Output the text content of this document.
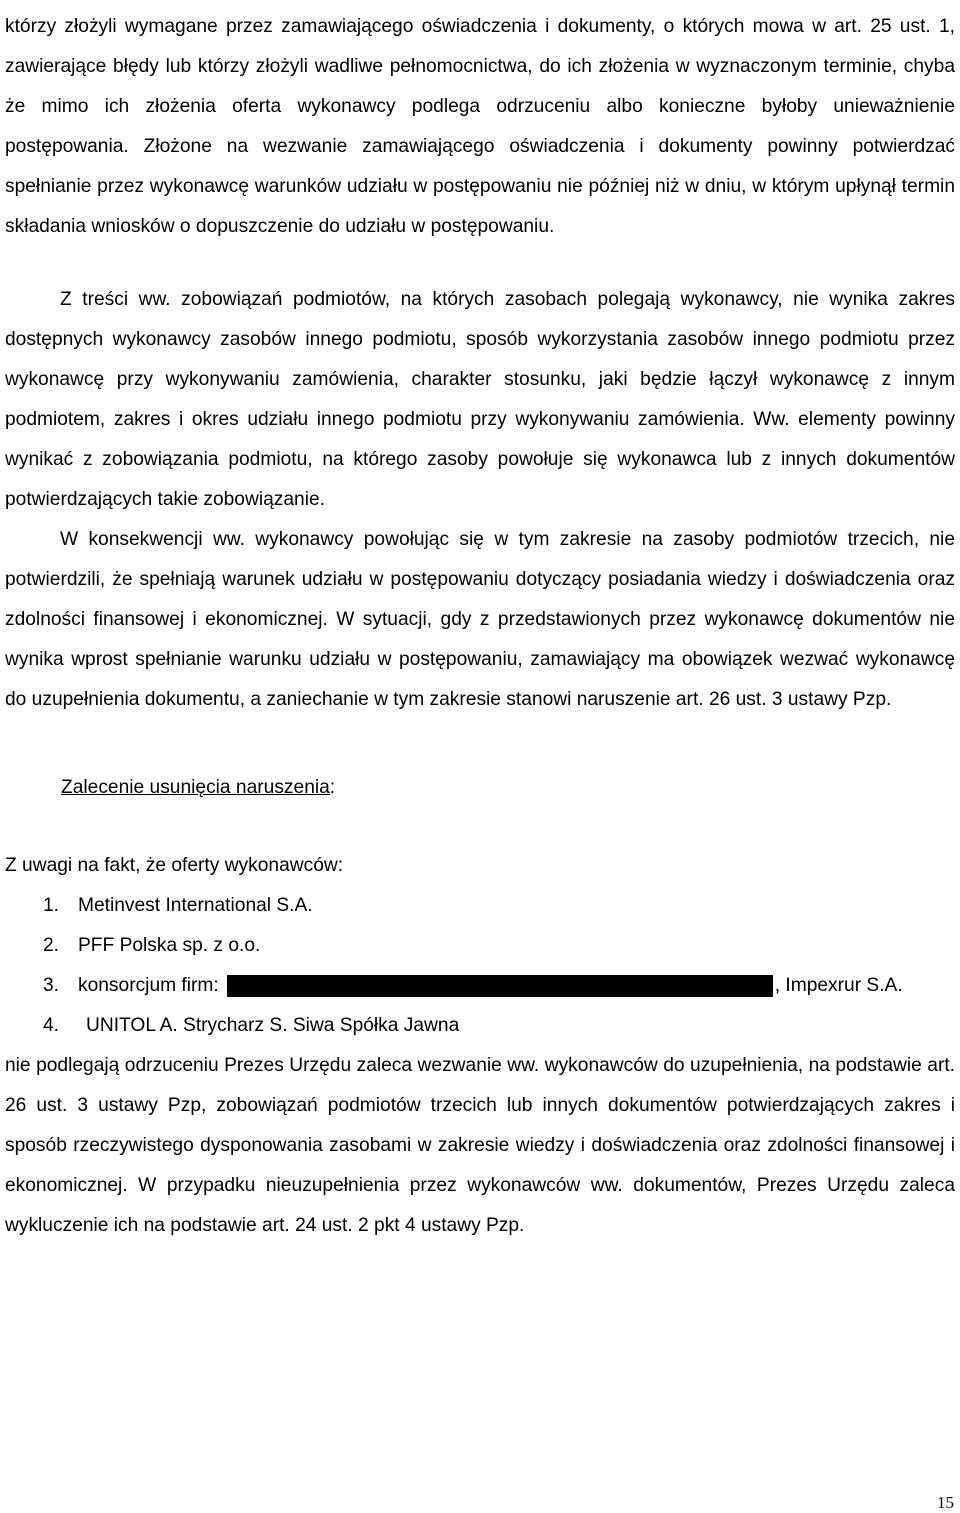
którzy złożyli wymagane przez zamawiającego oświadczenia i dokumenty, o których mowa w art. 25 ust. 1, zawierające błędy lub którzy złożyli wadliwe pełnomocnictwa, do ich złożenia w wyznaczonym terminie, chyba że mimo ich złożenia oferta wykonawcy podlega odrzuceniu albo konieczne byłoby unieważnienie postępowania. Złożone na wezwanie zamawiającego oświadczenia i dokumenty powinny potwierdzać spełnianie przez wykonawcę warunków udziału w postępowaniu nie później niż w dniu, w którym upłynął termin składania wniosków o dopuszczenie do udziału w postępowaniu.

Z treści ww. zobowiązań podmiotów, na których zasobach polegają wykonawcy, nie wynika zakres dostępnych wykonawcy zasobów innego podmiotu, sposób wykorzystania zasobów innego podmiotu przez wykonawcę przy wykonywaniu zamówienia, charakter stosunku, jaki będzie łączył wykonawcę z innym podmiotem, zakres i okres udziału innego podmiotu przy wykonywaniu zamówienia. Ww. elementy powinny wynikać z zobowiązania podmiotu, na którego zasoby powołuje się wykonawca lub z innych dokumentów potwierdzających takie zobowiązanie.

W konsekwencji ww. wykonawcy powołując się w tym zakresie na zasoby podmiotów trzecich, nie potwierdzili, że spełniają warunek udziału w postępowaniu dotyczący posiadania wiedzy i doświadczenia oraz zdolności finansowej i ekonomicznej. W sytuacji, gdy z przedstawionych przez wykonawcę dokumentów nie wynika wprost spełnianie warunku udziału w postępowaniu, zamawiający ma obowiązek wezwać wykonawcę do uzupełnienia dokumentu, a zaniechanie w tym zakresie stanowi naruszenie art. 26 ust. 3 ustawy Pzp.

Zalecenie usunięcia naruszenia:

Z uwagi na fakt, że oferty wykonawców:

1. Metinvest International S.A.
2. PFF Polska sp. z o.o.
3. konsorcjum firm:	, Impexrur S.A.
4.	UNITOL A. Strycharz S. Siwa Spółka Jawna

nie podlegają odrzuceniu Prezes Urzędu zaleca wezwanie ww. wykonawców do uzupełnienia, na podstawie art. 26 ust. 3 ustawy Pzp, zobowiązań podmiotów trzecich lub innych dokumentów potwierdzających zakres i sposób rzeczywistego dysponowania zasobami w zakresie wiedzy i doświadczenia oraz zdolności finansowej i ekonomicznej. W przypadku nieuzupełnienia przez wykonawców ww. dokumentów, Prezes Urzędu zaleca wykluczenie ich na podstawie art. 24 ust. 2 pkt 4 ustawy Pzp.

15
